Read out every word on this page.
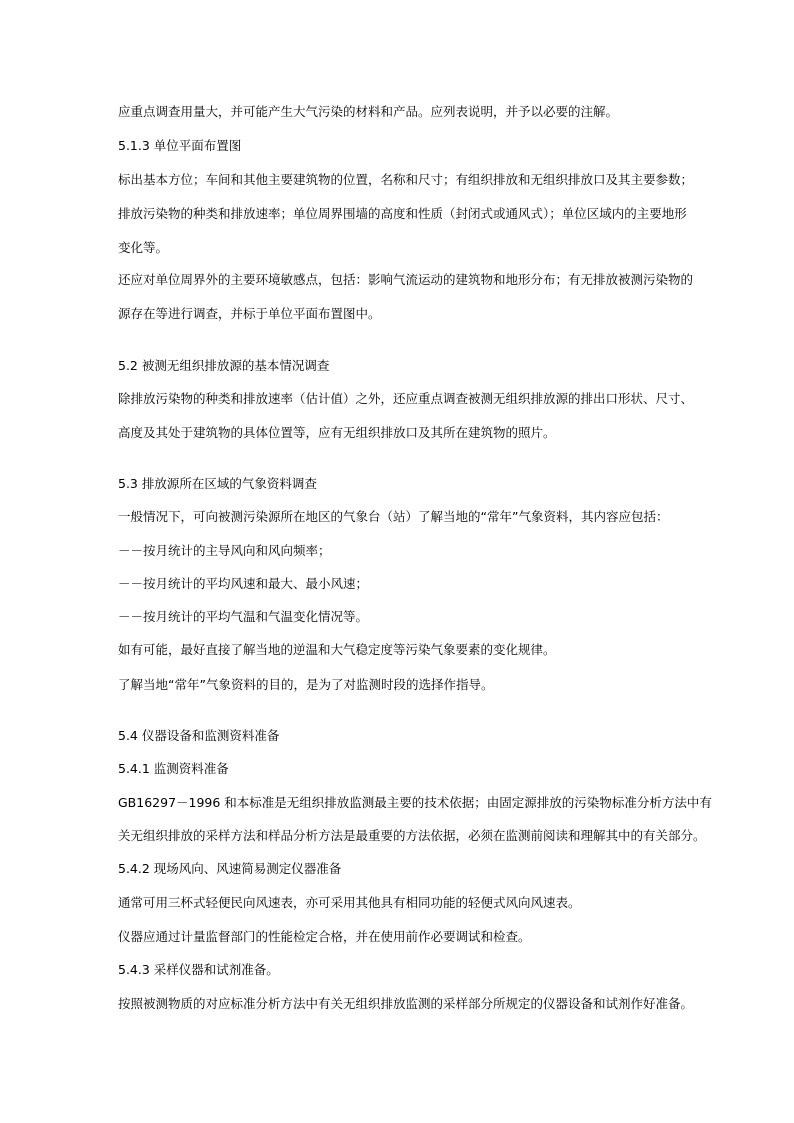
应重点调查用量大，并可能产生大气污染的材料和产品。应列表说明，并予以必要的注解。
5.1.3 单位平面布置图
标出基本方位；车间和其他主要建筑物的位置，名称和尺寸；有组织排放和无组织排放口及其主要参数；
排放污染物的种类和排放速率；单位周界围墙的高度和性质（封闭式或通风式）；单位区域内的主要地形
变化等。
还应对单位周界外的主要环境敏感点，包括：影响气流运动的建筑物和地形分布；有无排放被测污染物的
源存在等进行调查，并标于单位平面布置图中。
5.2 被测无组织排放源的基本情况调查
除排放污染物的种类和排放速率（估计值）之外，还应重点调查被测无组织排放源的排出口形状、尺寸、
高度及其处于建筑物的具体位置等，应有无组织排放口及其所在建筑物的照片。
5.3 排放源所在区域的气象资料调查
一般情况下，可向被测污染源所在地区的气象台（站）了解当地的“常年”气象资料，其内容应包括：
－－按月统计的主导风向和风向频率；
－－按月统计的平均风速和最大、最小风速；
－－按月统计的平均气温和气温变化情况等。
如有可能，最好直接了解当地的逆温和大气稳定度等污染气象要素的变化规律。
了解当地“常年”气象资料的目的，是为了对监测时段的选择作指导。
5.4 仪器设备和监测资料准备
5.4.1 监测资料准备
GB16297－1996 和本标准是无组织排放监测最主要的技术依据；由固定源排放的污染物标准分析方法中有
关无组织排放的采样方法和样品分析方法是最重要的方法依据，必须在监测前阅读和理解其中的有关部分。
5.4.2 现场风向、风速简易测定仪器准备
通常可用三杯式轻便民向风速表，亦可采用其他具有相同功能的轻便式风向风速表。
仪器应通过计量监督部门的性能检定合格，并在使用前作必要调试和检查。
5.4.3 采样仪器和试剂准备。
按照被测物质的对应标准分析方法中有关无组织排放监测的采样部分所规定的仪器设备和试剂作好准备。
